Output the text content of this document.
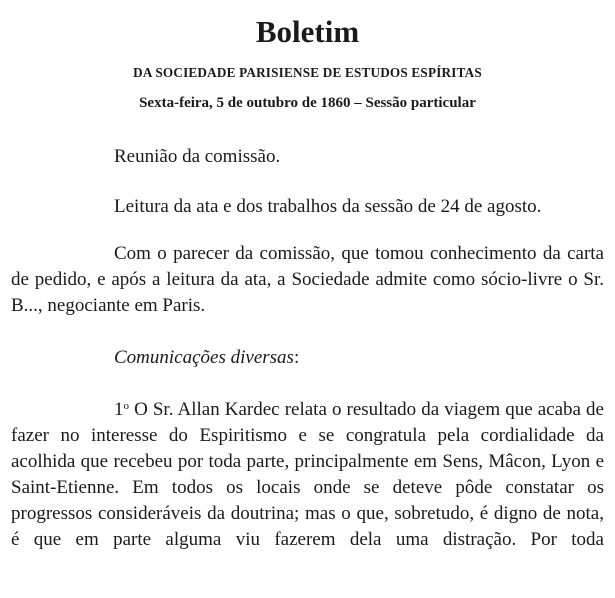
Boletim
DA SOCIEDADE PARISIENSE DE ESTUDOS ESPÍRITAS
Sexta-feira, 5 de outubro de 1860 – Sessão particular

Reunião da comissão.

Leitura da ata e dos trabalhos da sessão de 24 de agosto.

Com o parecer da comissão, que tomou conhecimento da carta de pedido, e após a leitura da ata, a Sociedade admite como sócio-livre o Sr. B..., negociante em Paris.

Comunicações diversas:

1$^o$ O Sr. Allan Kardec relata o resultado da viagem que acaba de fazer no interesse do Espiritismo e se congratula pela cordialidade da acolhida que recebeu por toda parte, principalmente em Sens, Mâcon, Lyon e Saint-Etienne. Em todos os locais onde se deteve pôde constatar os progressos consideráveis da doutrina; mas o que, sobretudo, é digno de nota, é que em parte alguma viu fazerem dela uma distração. Por toda
